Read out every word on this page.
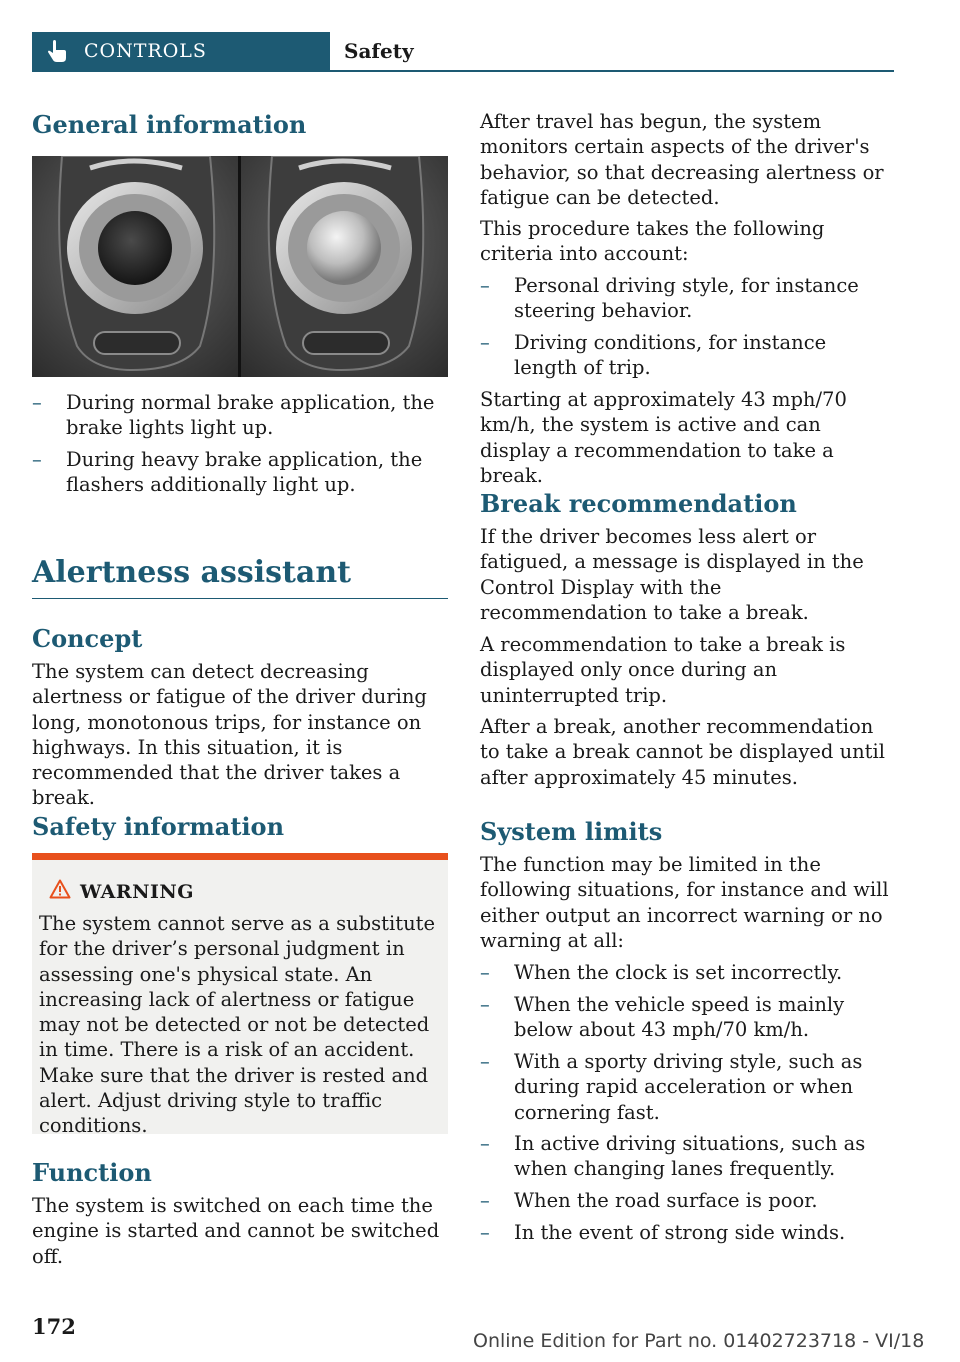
CONTROLS	Safety
General information
– During normal brake application, the brake lights light up.
– During heavy brake application, the flashers additionally light up.
Alertness assistant
Concept
The system can detect decreasing alertness or fatigue of the driver during long, monotonous trips, for instance on highways. In this situation, it is recommended that the driver takes a break.
Safety information
WARNING
The system cannot serve as a substitute for the driver’s personal judgment in assessing one's physical state. An increasing lack of alertness or fatigue may not be detected or not be detected in time. There is a risk of an accident. Make sure that the driver is rested and alert. Adjust driving style to traffic conditions.
Function
The system is switched on each time the engine is started and cannot be switched off.
After travel has begun, the system monitors certain aspects of the driver's behavior, so that decreasing alertness or fatigue can be detected.
This procedure takes the following criteria into account:
– Personal driving style, for instance steering behavior.
– Driving conditions, for instance length of trip.
Starting at approximately 43 mph/70 km/h, the system is active and can display a recommendation to take a break.
Break recommendation
If the driver becomes less alert or fatigued, a message is displayed in the Control Display with the recommendation to take a break.
A recommendation to take a break is displayed only once during an uninterrupted trip.
After a break, another recommendation to take a break cannot be displayed until after approximately 45 minutes.
System limits
The function may be limited in the following situations, for instance and will either output an incorrect warning or no warning at all:
– When the clock is set incorrectly.
– When the vehicle speed is mainly below about 43 mph/70 km/h.
– With a sporty driving style, such as during rapid acceleration or when cornering fast.
– In active driving situations, such as when changing lanes frequently.
– When the road surface is poor.
– In the event of strong side winds.
172
Online Edition for Part no. 01402723718 - VI/18
